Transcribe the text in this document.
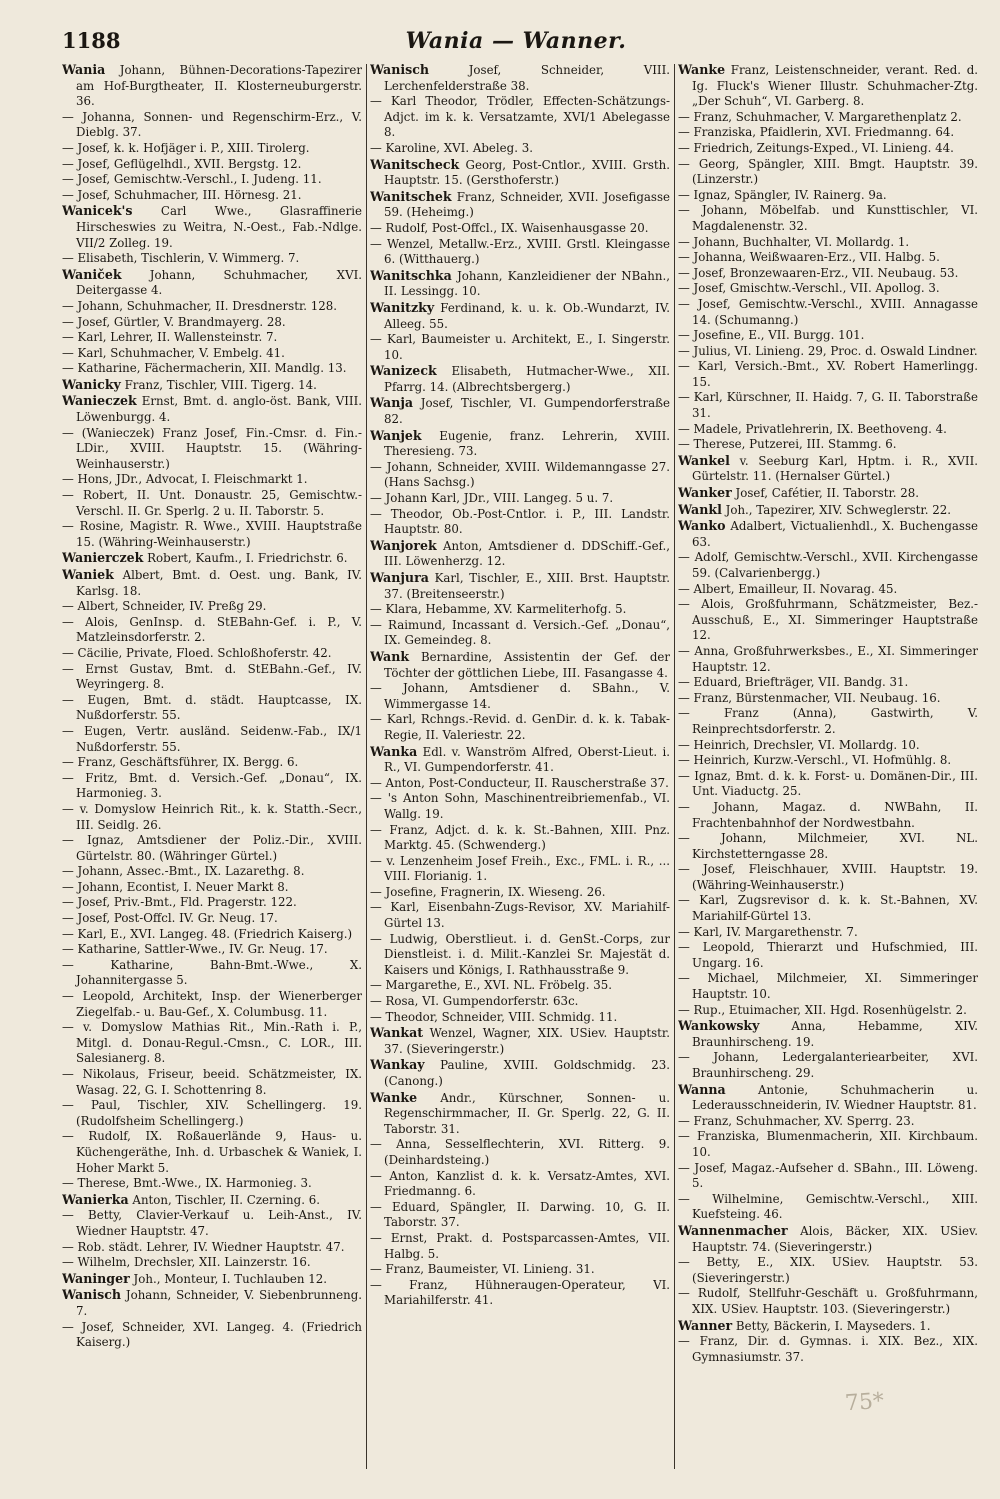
1188	Wania — Wanner.
Wania Johann, Bühnen-Decorations-Tapezirer am Hof-Burgtheater, II. Klosterneuburgerstr. 36.
— Johanna, Sonnen- und Regenschirm-Erz., V. Dieblg. 37.
— Josef, k. k. Hofjäger i. P., XIII. Tirolerg.
— Josef, Geflügelhdl., XVII. Bergstg. 12.
— Josef, Gemischtw.-Verschl., I. Judeng. 11.
— Josef, Schuhmacher, III. Hörnesg. 21.
Wanicek's Carl Wwe., Glasraffinerie Hirscheswies zu Weitra, N.-Oest., Fab.-Ndlge. VII/2 Zolleg. 19.
— Elisabeth, Tischlerin, V. Wimmerg. 7.
Waniček Johann, Schuhmacher, XVI. Deitergasse 4.
— Johann, Schuhmacher, II. Dresdnerstr. 128.
— Josef, Gürtler, V. Brandmayerg. 28.
— Karl, Lehrer, II. Wallensteinstr. 7.
— Karl, Schuhmacher, V. Embelg. 41.
— Katharine, Fächermacherin, XII. Mandlg. 13.
Wanicky Franz, Tischler, VIII. Tigerg. 14.
Wanieczek Ernst, Bmt. d. anglo-öst. Bank, VIII. Löwenburgg. 4.
— (Wanieczek) Franz Josef, Fin.-Cmsr. d. Fin.-LDir., XVIII. Hauptstr. 15. (Währing-Weinhauserstr.)
— Hons, JDr., Advocat, I. Fleischmarkt 1.
— Robert, II. Unt. Donaustr. 25, Gemischtw.-Verschl. II. Gr. Sperlg. 2 u. II. Taborstr. 5.
— Rosine, Magistr. R. Wwe., XVIII. Hauptstraße 15. (Währing-Weinhauserstr.)
Wanierczek Robert, Kaufm., I. Friedrichstr. 6.
Waniek Albert, Bmt. d. Oest. ung. Bank, IV. Karlsg. 18.
— Albert, Schneider, IV. Preßg 29.
— Alois, GenInsp. d. StEBahn-Gef. i. P., V. Matzleinsdorferstr. 2.
— Cäcilie, Private, Floed. Schloßhoferstr. 42.
— Ernst Gustav, Bmt. d. StEBahn.-Gef., IV. Weyringerg. 8.
— Eugen, Bmt. d. städt. Hauptcasse, IX. Nußdorferstr. 55.
— Eugen, Vertr. ausländ. Seidenw.-Fab., IX/1 Nußdorferstr. 55.
— Franz, Geschäftsführer, IX. Bergg. 6.
— Fritz, Bmt. d. Versich.-Gef. „Donau“, IX. Harmonieg. 3.
— v. Domyslow Heinrich Rit., k. k. Statth.-Secr., III. Seidlg. 26.
— Ignaz, Amtsdiener der Poliz.-Dir., XVIII. Gürtelstr. 80. (Währinger Gürtel.)
— Johann, Assec.-Bmt., IX. Lazarethg. 8.
— Johann, Econtist, I. Neuer Markt 8.
— Josef, Priv.-Bmt., Fld. Pragerstr. 122.
— Josef, Post-Offcl. IV. Gr. Neug. 17.
— Karl, E., XVI. Langeg. 48. (Friedrich Kaiserg.)
— Katharine, Sattler-Wwe., IV. Gr. Neug. 17.
— Katharine, Bahn-Bmt.-Wwe., X. Johannitergasse 5.
— Leopold, Architekt, Insp. der Wienerberger Ziegelfab.- u. Bau-Gef., X. Columbusg. 11.
— v. Domyslow Mathias Rit., Min.-Rath i. P., Mitgl. d. Donau-Regul.-Cmsn., C. LOR., III. Salesianerg. 8.
— Nikolaus, Friseur, beeid. Schätzmeister, IX. Wasag. 22, G. I. Schottenring 8.
— Paul, Tischler, XIV. Schellingerg. 19. (Rudolfsheim Schellingerg.)
— Rudolf, IX. Roßauerlände 9, Haus- u. Küchengeräthe, Inh. d. Urbaschek & Waniek, I. Hoher Markt 5.
— Therese, Bmt.-Wwe., IX. Harmonieg. 3.
Wanierka Anton, Tischler, II. Czerning. 6.
— Betty, Clavier-Verkauf u. Leih-Anst., IV. Wiedner Hauptstr. 47.
— Rob. städt. Lehrer, IV. Wiedner Hauptstr. 47.
— Wilhelm, Drechsler, XII. Lainzerstr. 16.
Waninger Joh., Monteur, I. Tuchlauben 12.
Wanisch Johann, Schneider, V. Siebenbrunneng. 7.
— Josef, Schneider, XVI. Langeg. 4. (Friedrich Kaiserg.)
Wanisch Josef, Schneider, VIII. Lerchenfelderstraße 38.
— Karl Theodor, Trödler, Effecten-Schätzungs-Adjct. im k. k. Versatzamte, XVI/1 Abelegasse 8.
— Karoline, XVI. Abeleg. 3.
Wanitscheck Georg, Post-Cntlor., XVIII. Grsth. Hauptstr. 15. (Gersthoferstr.)
Wanitschek Franz, Schneider, XVII. Josefigasse 59. (Heheimg.)
— Rudolf, Post-Offcl., IX. Waisenhausgasse 20.
— Wenzel, Metallw.-Erz., XVIII. Grstl. Kleingasse 6. (Witthauerg.)
Wanitschka Johann, Kanzleidiener der NBahn., II. Lessingg. 10.
Wanitzky Ferdinand, k. u. k. Ob.-Wundarzt, IV. Alleeg. 55.
— Karl, Baumeister u. Architekt, E., I. Singerstr. 10.
Wanizeck Elisabeth, Hutmacher-Wwe., XII. Pfarrg. 14. (Albrechtsbergerg.)
Wanja Josef, Tischler, VI. Gumpendorferstraße 82.
Wanjek Eugenie, franz. Lehrerin, XVIII. Theresieng. 73.
— Johann, Schneider, XVIII. Wildemanngasse 27. (Hans Sachsg.)
— Johann Karl, JDr., VIII. Langeg. 5 u. 7.
— Theodor, Ob.-Post-Cntlor. i. P., III. Landstr. Hauptstr. 80.
Wanjorek Anton, Amtsdiener d. DDSchiff.-Gef., III. Löwenherzg. 12.
Wanjura Karl, Tischler, E., XIII. Brst. Hauptstr. 37. (Breitenseerstr.)
— Klara, Hebamme, XV. Karmeliterhofg. 5.
— Raimund, Incassant d. Versich.-Gef. „Donau“, IX. Gemeindeg. 8.
Wank Bernardine, Assistentin der Gef. der Töchter der göttlichen Liebe, III. Fasangasse 4.
— Johann, Amtsdiener d. SBahn., V. Wimmergasse 14.
— Karl, Rchngs.-Revid. d. GenDir. d. k. k. Tabak-Regie, II. Valeriestr. 22.
Wanka Edl. v. Wanström Alfred, Oberst-Lieut. i. R., VI. Gumpendorferstr. 41.
— Anton, Post-Conducteur, II. Rauscherstraße 37.
— 's Anton Sohn, Maschinentreibriemenfab., VI. Wallg. 19.
— Franz, Adjct. d. k. k. St.-Bahnen, XIII. Pnz. Marktg. 45. (Schwenderg.)
— v. Lenzenheim Josef Freih., Exc., FML. i. R., ... VIII. Florianig. 1.
— Josefine, Fragnerin, IX. Wieseng. 26.
— Karl, Eisenbahn-Zugs-Revisor, XV. Mariahilf-Gürtel 13.
— Ludwig, Oberstlieut. i. d. GenSt.-Corps, zur Dienstleist. i. d. Milit.-Kanzlei Sr. Majestät d. Kaisers und Königs, I. Rathhausstraße 9.
— Margarethe, E., XVI. NL. Fröbelg. 35.
— Rosa, VI. Gumpendorferstr. 63c.
— Theodor, Schneider, VIII. Schmidg. 11.
Wankat Wenzel, Wagner, XIX. USiev. Hauptstr. 37. (Sieveringerstr.)
Wankay Pauline, XVIII. Goldschmidg. 23. (Canong.)
Wanke Andr., Kürschner, Sonnen- u. Regenschirmmacher, II. Gr. Sperlg. 22, G. II. Taborstr. 31.
— Anna, Sesselflechterin, XVI. Ritterg. 9. (Deinhardsteing.)
— Anton, Kanzlist d. k. k. Versatz-Amtes, XVI. Friedmanng. 6.
— Eduard, Spängler, II. Darwing. 10, G. II. Taborstr. 37.
— Ernst, Prakt. d. Postsparcassen-Amtes, VII. Halbg. 5.
— Franz, Baumeister, VI. Linieng. 31.
— Franz, Hühneraugen-Operateur, VI. Mariahilferstr. 41.
Wanke Franz, Leistenschneider, verant. Red. d. Ig. Fluck's Wiener Illustr. Schuhmacher-Ztg. „Der Schuh“, VI. Garberg. 8.
— Franz, Schuhmacher, V. Margarethenplatz 2.
— Franziska, Pfaidlerin, XVI. Friedmanng. 64.
— Friedrich, Zeitungs-Exped., VI. Linieng. 44.
— Georg, Spängler, XIII. Bmgt. Hauptstr. 39. (Linzerstr.)
— Ignaz, Spängler, IV. Rainerg. 9a.
— Johann, Möbelfab. und Kunsttischler, VI. Magdalenenstr. 32.
— Johann, Buchhalter, VI. Mollardg. 1.
— Johanna, Weißwaaren-Erz., VII. Halbg. 5.
— Josef, Bronzewaaren-Erz., VII. Neubaug. 53.
— Josef, Gmischtw.-Verschl., VII. Apollog. 3.
— Josef, Gemischtw.-Verschl., XVIII. Annagasse 14. (Schumanng.)
— Josefine, E., VII. Burgg. 101.
— Julius, VI. Linieng. 29, Proc. d. Oswald Lindner.
— Karl, Versich.-Bmt., XV. Robert Hamerlingg. 15.
— Karl, Kürschner, II. Haidg. 7, G. II. Taborstraße 31.
— Madele, Privatlehrerin, IX. Beethoveng. 4.
— Therese, Putzerei, III. Stammg. 6.
Wankel v. Seeburg Karl, Hptm. i. R., XVII. Gürtelstr. 11. (Hernalser Gürtel.)
Wanker Josef, Cafétier, II. Taborstr. 28.
Wankl Joh., Tapezirer, XIV. Schweglerstr. 22.
Wanko Adalbert, Victualienhdl., X. Buchengasse 63.
— Adolf, Gemischtw.-Verschl., XVII. Kirchengasse 59. (Calvarienbergg.)
— Albert, Emailleur, II. Novarag. 45.
— Alois, Großfuhrmann, Schätzmeister, Bez.-Ausschuß, E., XI. Simmeringer Hauptstraße 12.
— Anna, Großfuhrwerksbes., E., XI. Simmeringer Hauptstr. 12.
— Eduard, Briefträger, VII. Bandg. 31.
— Franz, Bürstenmacher, VII. Neubaug. 16.
— Franz (Anna), Gastwirth, V. Reinprechtsdorferstr. 2.
— Heinrich, Drechsler, VI. Mollardg. 10.
— Heinrich, Kurzw.-Verschl., VI. Hofmühlg. 8.
— Ignaz, Bmt. d. k. k. Forst- u. Domänen-Dir., III. Unt. Viaductg. 25.
— Johann, Magaz. d. NWBahn, II. Frachtenbahnhof der Nordwestbahn.
— Johann, Milchmeier, XVI. NL. Kirchstetterngasse 28.
— Josef, Fleischhauer, XVIII. Hauptstr. 19. (Währing-Weinhauserstr.)
— Karl, Zugsrevisor d. k. k. St.-Bahnen, XV. Mariahilf-Gürtel 13.
— Karl, IV. Margarethenstr. 7.
— Leopold, Thierarzt und Hufschmied, III. Ungarg. 16.
— Michael, Milchmeier, XI. Simmeringer Hauptstr. 10.
— Rup., Etuimacher, XII. Hgd. Rosenhügelstr. 2.
Wankowsky Anna, Hebamme, XIV. Braunhirscheng. 19.
— Johann, Ledergalanteriearbeiter, XVI. Braunhirscheng. 29.
Wanna Antonie, Schuhmacherin u. Lederausschneiderin, IV. Wiedner Hauptstr. 81.
— Franz, Schuhmacher, XV. Sperrg. 23.
— Franziska, Blumenmacherin, XII. Kirchbaum. 10.
— Josef, Magaz.-Aufseher d. SBahn., III. Löweng. 5.
— Wilhelmine, Gemischtw.-Verschl., XIII. Kuefsteing. 46.
Wannenmacher Alois, Bäcker, XIX. USiev. Hauptstr. 74. (Sieveringerstr.)
— Betty, E., XIX. USiev. Hauptstr. 53. (Sieveringerstr.)
— Rudolf, Stellfuhr-Geschäft u. Großfuhrmann, XIX. USiev. Hauptstr. 103. (Sieveringerstr.)
Wanner Betty, Bäckerin, I. Mayseders. 1.
— Franz, Dir. d. Gymnas. i. XIX. Bez., XIX. Gymnasiumstr. 37.
75*
